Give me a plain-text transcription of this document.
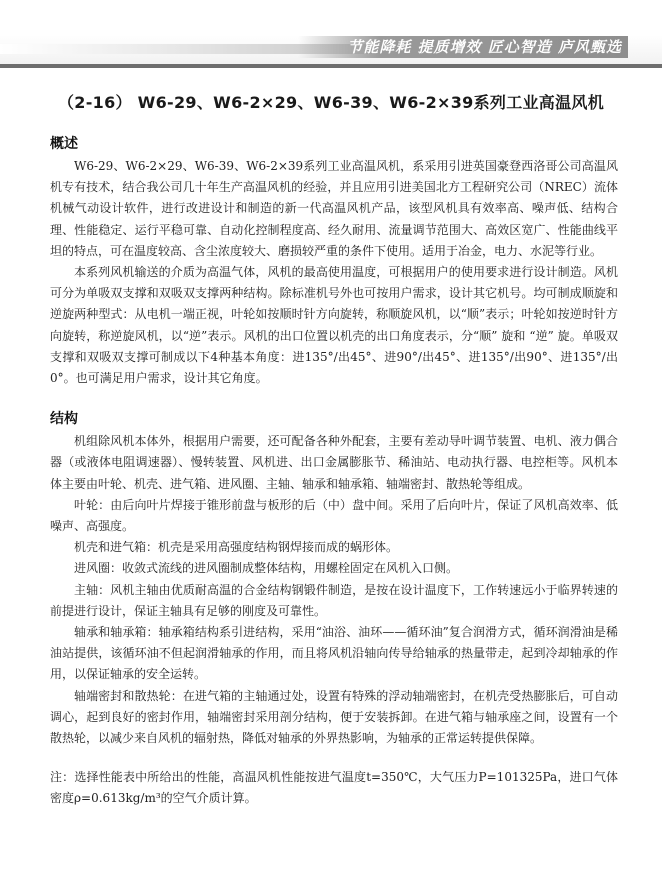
节能降耗 提质增效 匠心智造 庐风甄选
（2-16） W6-29、W6-2×29、W6-39、W6-2×39系列工业高温风机
概述

W6-29、W6-2×29、W6-39、W6-2×39系列工业高温风机，系采用引进英国豪登西洛哥公司高温风机专有技术，结合我公司几十年生产高温风机的经验，并且应用引进美国北方工程研究公司（NREC）流体机械气动设计软件，进行改进设计和制造的新一代高温风机产品，该型风机具有效率高、噪声低、结构合理、性能稳定、运行平稳可靠、自动化控制程度高、经久耐用、流量调节范围大、高效区宽广、性能曲线平坦的特点，可在温度较高、含尘浓度较大、磨损较严重的条件下使用。适用于冶金，电力、水泥等行业。

本系列风机输送的介质为高温气体，风机的最高使用温度，可根据用户的使用要求进行设计制造。风机可分为单吸双支撑和双吸双支撑两种结构。除标准机号外也可按用户需求，设计其它机号。均可制成顺旋和逆旋两种型式：从电机一端正视，叶轮如按顺时针方向旋转，称顺旋风机，以“顺”表示；叶轮如按逆时针方向旋转，称逆旋风机，以“逆”表示。风机的出口位置以机壳的出口角度表示，分“顺” 旋和 “逆” 旋。单吸双支撑和双吸双支撑可制成以下4种基本角度：进135°/出45°、进90°/出45°、进135°/出90°、进135°/出0°。也可满足用户需求，设计其它角度。

结构

机组除风机本体外，根据用户需要，还可配备各种外配套，主要有差动导叶调节装置、电机、液力偶合器（或液体电阻调速器）、慢转装置、风机进、出口金属膨胀节、稀油站、电动执行器、电控柜等。风机本体主要由叶轮、机壳、进气箱、进风圈、主轴、轴承和轴承箱、轴端密封、散热轮等组成。

叶轮：由后向叶片焊接于锥形前盘与板形的后（中）盘中间。采用了后向叶片，保证了风机高效率、低噪声、高强度。

机壳和进气箱：机壳是采用高强度结构钢焊接而成的蜗形体。

进风圈：收敛式流线的进风圈制成整体结构，用螺栓固定在风机入口侧。

主轴：风机主轴由优质耐高温的合金结构钢锻件制造，是按在设计温度下，工作转速远小于临界转速的前提进行设计，保证主轴具有足够的刚度及可靠性。

轴承和轴承箱：轴承箱结构系引进结构，采用“油浴、油环——循环油”复合润滑方式，循环润滑油是稀油站提供，该循环油不但起润滑轴承的作用，而且将风机沿轴向传导给轴承的热量带走，起到冷却轴承的作用，以保证轴承的安全运转。

轴端密封和散热轮：在进气箱的主轴通过处，设置有特殊的浮动轴端密封，在机壳受热膨胀后，可自动调心，起到良好的密封作用，轴端密封采用剖分结构，便于安装拆卸。在进气箱与轴承座之间，设置有一个散热轮，以减少来自风机的辐射热，降低对轴承的外界热影响，为轴承的正常运转提供保障。

注：选择性能表中所给出的性能，高温风机性能按进气温度t=350℃，大气压力P=101325Pa，进口气体密度ρ=0.613kg/m³的空气介质计算。
